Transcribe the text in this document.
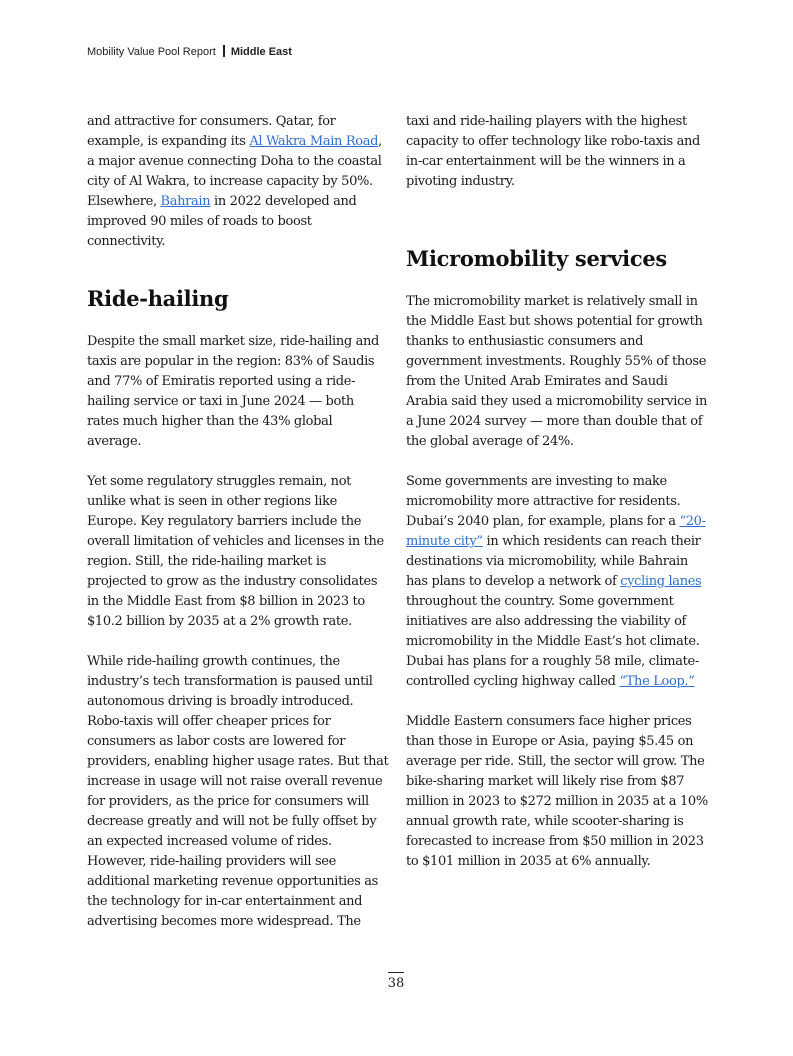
Mobility Value Pool Report Middle East

and attractive for consumers. Qatar, for example, is expanding its Al Wakra Main Road, a major avenue connecting Doha to the coastal city of Al Wakra, to increase capacity by 50%. Elsewhere, Bahrain in 2022 developed and improved 90 miles of roads to boost connectivity.

Ride-hailing

Despite the small market size, ride-hailing and taxis are popular in the region: 83% of Saudis and 77% of Emiratis reported using a ride-hailing service or taxi in June 2024 — both rates much higher than the 43% global average.

Yet some regulatory struggles remain, not unlike what is seen in other regions like Europe. Key regulatory barriers include the overall limitation of vehicles and licenses in the region. Still, the ride-hailing market is projected to grow as the industry consolidates in the Middle East from $8 billion in 2023 to $10.2 billion by 2035 at a 2% growth rate.

While ride-hailing growth continues, the industry’s tech transformation is paused until autonomous driving is broadly introduced. Robo-taxis will offer cheaper prices for consumers as labor costs are lowered for providers, enabling higher usage rates. But that increase in usage will not raise overall revenue for providers, as the price for consumers will decrease greatly and will not be fully offset by an expected increased volume of rides. However, ride-hailing providers will see additional marketing revenue opportunities as the technology for in-car entertainment and advertising becomes more widespread. The

taxi and ride-hailing players with the highest capacity to offer technology like robo-taxis and in-car entertainment will be the winners in a pivoting industry.

Micromobility services

The micromobility market is relatively small in the Middle East but shows potential for growth thanks to enthusiastic consumers and government investments. Roughly 55% of those from the United Arab Emirates and Saudi Arabia said they used a micromobility service in a June 2024 survey — more than double that of the global average of 24%.

Some governments are investing to make micromobility more attractive for residents. Dubai’s 2040 plan, for example, plans for a “20-minute city” in which residents can reach their destinations via micromobility, while Bahrain has plans to develop a network of cycling lanes throughout the country. Some government initiatives are also addressing the viability of micromobility in the Middle East’s hot climate. Dubai has plans for a roughly 58 mile, climate-controlled cycling highway called “The Loop.”

Middle Eastern consumers face higher prices than those in Europe or Asia, paying $5.45 on average per ride. Still, the sector will grow. The bike-sharing market will likely rise from $87 million in 2023 to $272 million in 2035 at a 10% annual growth rate, while scooter-sharing is forecasted to increase from $50 million in 2023 to $101 million in 2035 at 6% annually.

38
